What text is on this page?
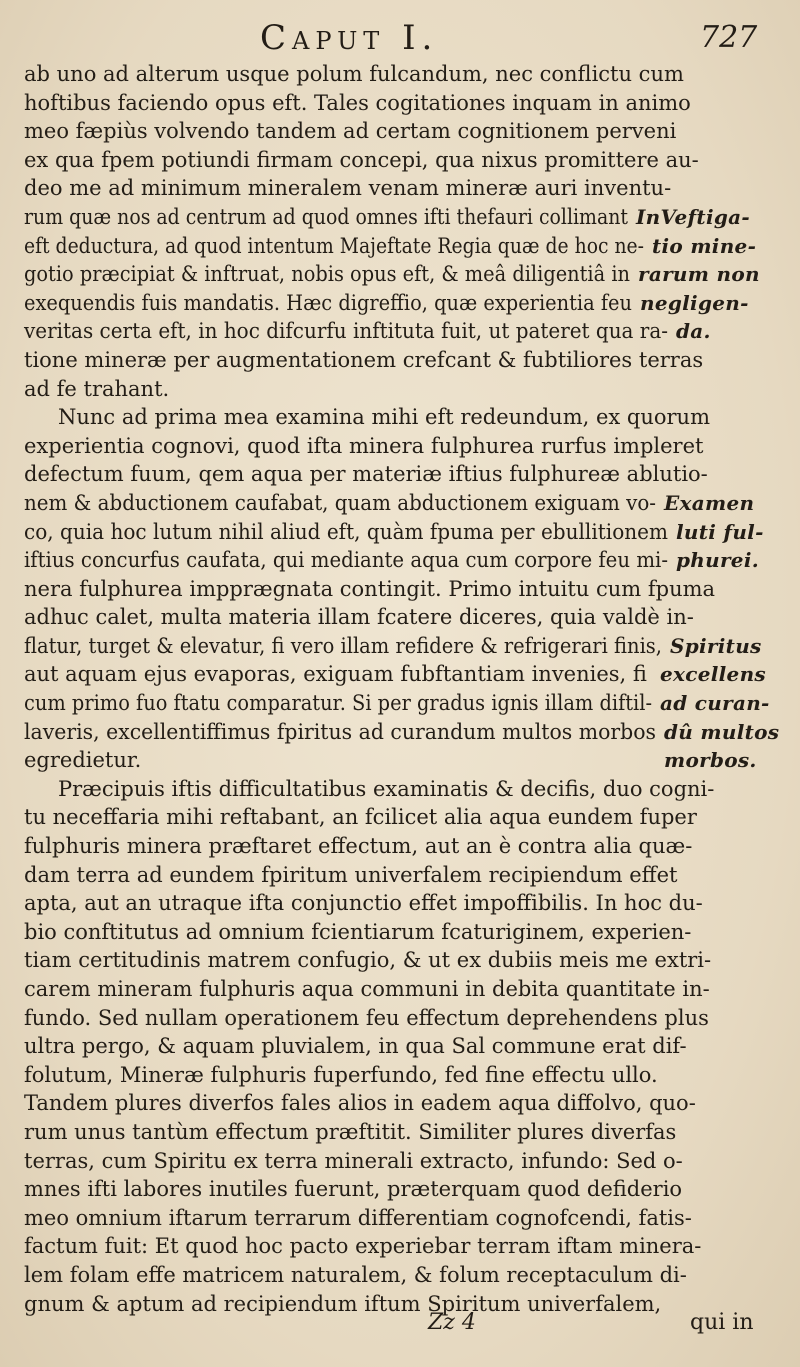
Caput I.	727
ab uno ad alterum usque polum fulcandum, nec conflictu cum
hoftibus faciendo opus eft. Tales cogitationes inquam in animo
meo fæpiùs volvendo tandem ad certam cognitionem perveni
ex qua fpem potiundi firmam concepi, qua nixus promittere au-
deo me ad minimum mineralem venam mineræ auri inventu-
rum quæ nos ad centrum ad quod omnes ifti thefauri collimant InVeftiga-
eft deductura, ad quod intentum Majeftate Regia quæ de hoc ne- tio mine-
gotio præcipiat & inftruat, nobis opus eft, & meâ diligentiâ in rarum non
exequendis fuis mandatis. Hæc digreffio, quæ experientia feu negligen-
veritas certa eft, in hoc difcurfu inftituta fuit, ut pateret qua ra- da.
tione mineræ per augmentationem crefcant & fubtiliores terras
ad fe trahant.
Nunc ad prima mea examina mihi eft redeundum, ex quorum
experientia cognovi, quod ifta minera fulphurea rurfus impleret
defectum fuum, qem aqua per materiæ iftius fulphureæ ablutio-
nem & abductionem caufabat, quam abductionem exiguam vo- Examen
co, quia hoc lutum nihil aliud eft, quàm fpuma per ebullitionem luti ful-
iftius concurfus caufata, qui mediante aqua cum corpore feu mi- phurei.
nera fulphurea impprægnata contingit. Primo intuitu cum fpuma
adhuc calet, multa materia illam fcatere diceres, quia valdè in-
flatur, turget & elevatur, fi vero illam refidere & refrigerari finis, Spiritus
aut aquam ejus evaporas, exiguam fubftantiam invenies, fi excellens
cum primo fuo ftatu comparatur. Si per gradus ignis illam diftil- ad curan-
laveris, excellentiffimus fpiritus ad curandum multos morbos dû multos
egredietur.	morbos.
Præcipuis iftis difficultatibus examinatis & decifis, duo cogni-
tu neceffaria mihi reftabant, an fcilicet alia aqua eundem fuper
fulphuris minera præftaret effectum, aut an è contra alia quæ-
dam terra ad eundem fpiritum univerfalem recipiendum effet
apta, aut an utraque ifta conjunctio effet impoffibilis. In hoc du-
bio conftitutus ad omnium fcientiarum fcaturiginem, experien-
tiam certitudinis matrem confugio, & ut ex dubiis meis me extri-
carem mineram fulphuris aqua communi in debita quantitate in-
fundo. Sed nullam operationem feu effectum deprehendens plus
ultra pergo, & aquam pluvialem, in qua Sal commune erat dif-
folutum, Mineræ fulphuris fuperfundo, fed fine effectu ullo.
Tandem plures diverfos fales alios in eadem aqua diffolvo, quo-
rum unus tantùm effectum præftitit. Similiter plures diverfas
terras, cum Spiritu ex terra minerali extracto, infundo: Sed o-
mnes ifti labores inutiles fuerunt, præterquam quod defiderio
meo omnium iftarum terrarum differentiam cognofcendi, fatis-
factum fuit: Et quod hoc pacto experiebar terram iftam minera-
lem folam effe matricem naturalem, & folum receptaculum di-
gnum & aptum ad recipiendum iftum Spiritum univerfalem,
Zz 4	qui in
